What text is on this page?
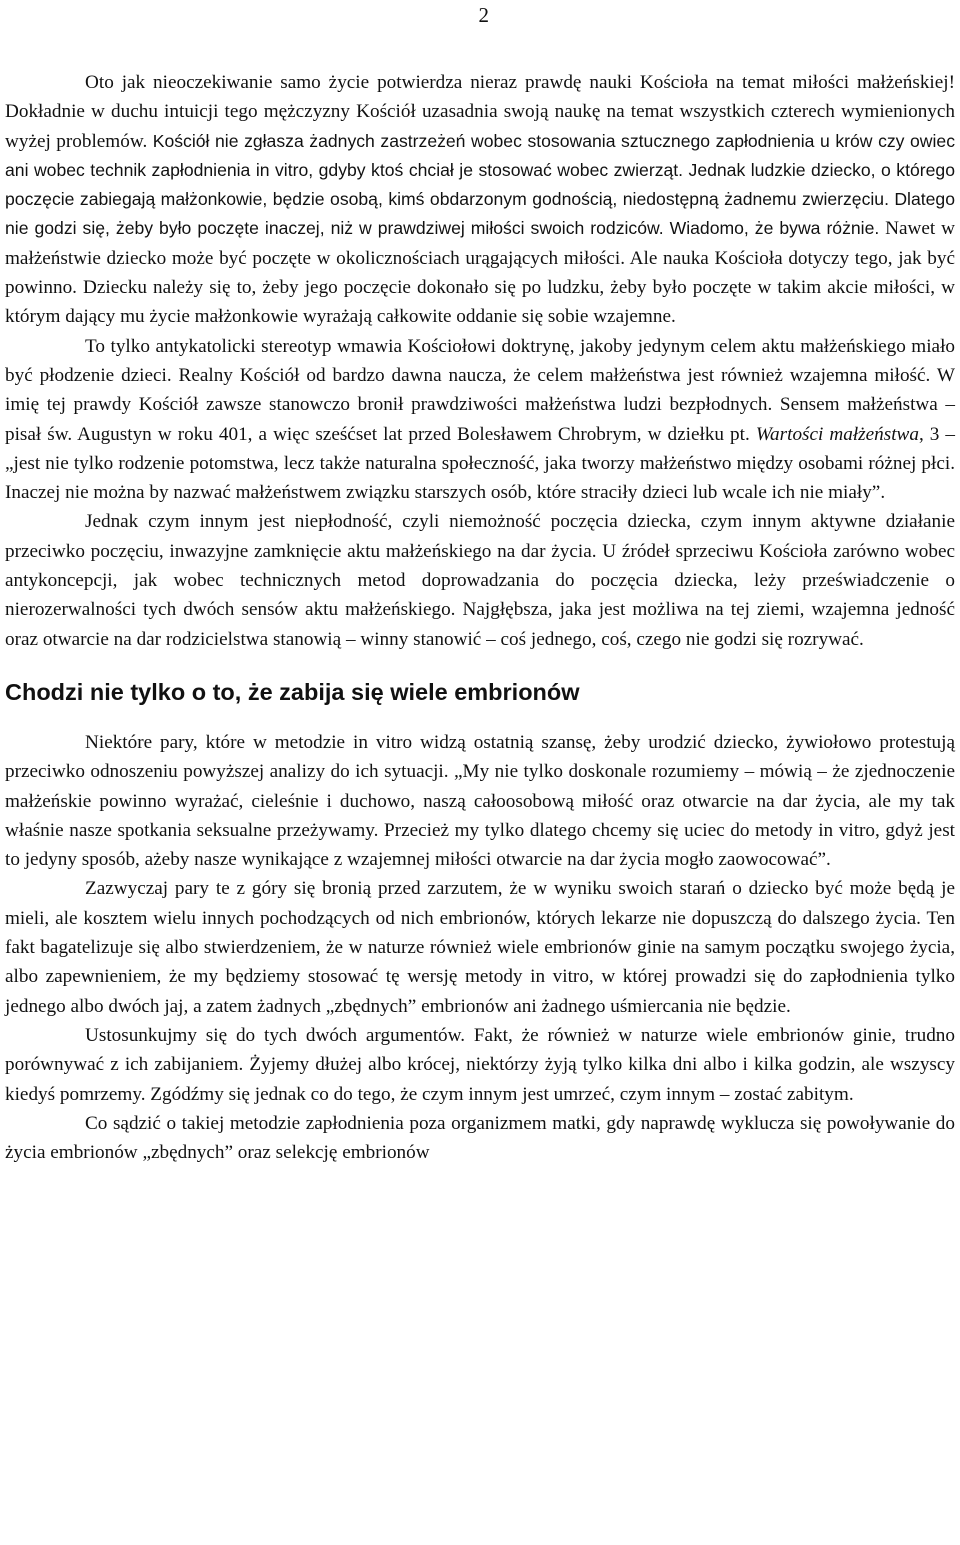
2

Oto jak nieoczekiwanie samo życie potwierdza nieraz prawdę nauki Kościoła na temat miłości małżeńskiej! Dokładnie w duchu intuicji tego mężczyzny Kościół uzasadnia swoją naukę na temat wszystkich czterech wymienionych wyżej problemów. Kościół nie zgłasza żadnych zastrzeżeń wobec stosowania sztucznego zapłodnienia u krów czy owiec ani wobec technik zapłodnienia in vitro, gdyby ktoś chciał je stosować wobec zwierząt. Jednak ludzkie dziecko, o którego poczęcie zabiegają małżonkowie, będzie osobą, kimś obdarzonym godnością, niedostępną żadnemu zwierzęciu. Dlatego nie godzi się, żeby było poczęte inaczej, niż w prawdziwej miłości swoich rodziców. Wiadomo, że bywa różnie. Nawet w małżeństwie dziecko może być poczęte w okolicznościach urągających miłości. Ale nauka Kościoła dotyczy tego, jak być powinno. Dziecku należy się to, żeby jego poczęcie dokonało się po ludzku, żeby było poczęte w takim akcie miłości, w którym dający mu życie małżonkowie wyrażają całkowite oddanie się sobie wzajemne.

To tylko antykatolicki stereotyp wmawia Kościołowi doktrynę, jakoby jedynym celem aktu małżeńskiego miało być płodzenie dzieci. Realny Kościół od bardzo dawna naucza, że celem małżeństwa jest również wzajemna miłość. W imię tej prawdy Kościół zawsze stanowczo bronił prawdziwości małżeństwa ludzi bezpłodnych. Sensem małżeństwa – pisał św. Augustyn w roku 401, a więc sześćset lat przed Bolesławem Chrobrym, w dziełku pt. Wartości małżeństwa, 3 – „jest nie tylko rodzenie potomstwa, lecz także naturalna społeczność, jaka tworzy małżeństwo między osobami różnej płci. Inaczej nie można by nazwać małżeństwem związku starszych osób, które straciły dzieci lub wcale ich nie miały”.

Jednak czym innym jest niepłodność, czyli niemożność poczęcia dziecka, czym innym aktywne działanie przeciwko poczęciu, inwazyjne zamknięcie aktu małżeńskiego na dar życia. U źródeł sprzeciwu Kościoła zarówno wobec antykoncepcji, jak wobec technicznych metod doprowadzania do poczęcia dziecka, leży przeświadczenie o nierozerwalności tych dwóch sensów aktu małżeńskiego. Najgłębsza, jaka jest możliwa na tej ziemi, wzajemna jedność oraz otwarcie na dar rodzicielstwa stanowią – winny stanowić – coś jednego, coś, czego nie godzi się rozrywać.

Chodzi nie tylko o to, że zabija się wiele embrionów

Niektóre pary, które w metodzie in vitro widzą ostatnią szansę, żeby urodzić dziecko, żywiołowo protestują przeciwko odnoszeniu powyższej analizy do ich sytuacji. „My nie tylko doskonale rozumiemy – mówią – że zjednoczenie małżeńskie powinno wyrażać, cieleśnie i duchowo, naszą całoosobową miłość oraz otwarcie na dar życia, ale my tak właśnie nasze spotkania seksualne przeżywamy. Przecież my tylko dlatego chcemy się uciec do metody in vitro, gdyż jest to jedyny sposób, ażeby nasze wynikające z wzajemnej miłości otwarcie na dar życia mogło zaowocować”.

Zazwyczaj pary te z góry się bronią przed zarzutem, że w wyniku swoich starań o dziecko być może będą je mieli, ale kosztem wielu innych pochodzących od nich embrionów, których lekarze nie dopuszczą do dalszego życia. Ten fakt bagatelizuje się albo stwierdzeniem, że w naturze również wiele embrionów ginie na samym początku swojego życia, albo zapewnieniem, że my będziemy stosować tę wersję metody in vitro, w której prowadzi się do zapłodnienia tylko jednego albo dwóch jaj, a zatem żadnych „zbędnych” embrionów ani żadnego uśmiercania nie będzie.

Ustosunkujmy się do tych dwóch argumentów. Fakt, że również w naturze wiele embrionów ginie, trudno porównywać z ich zabijaniem. Żyjemy dłużej albo krócej, niektórzy żyją tylko kilka dni albo i kilka godzin, ale wszyscy kiedyś pomrzemy. Zgódźmy się jednak co do tego, że czym innym jest umrzeć, czym innym – zostać zabitym.

Co sądzić o takiej metodzie zapłodnienia poza organizmem matki, gdy naprawdę wyklucza się powoływanie do życia embrionów „zbędnych” oraz selekcję embrionów
